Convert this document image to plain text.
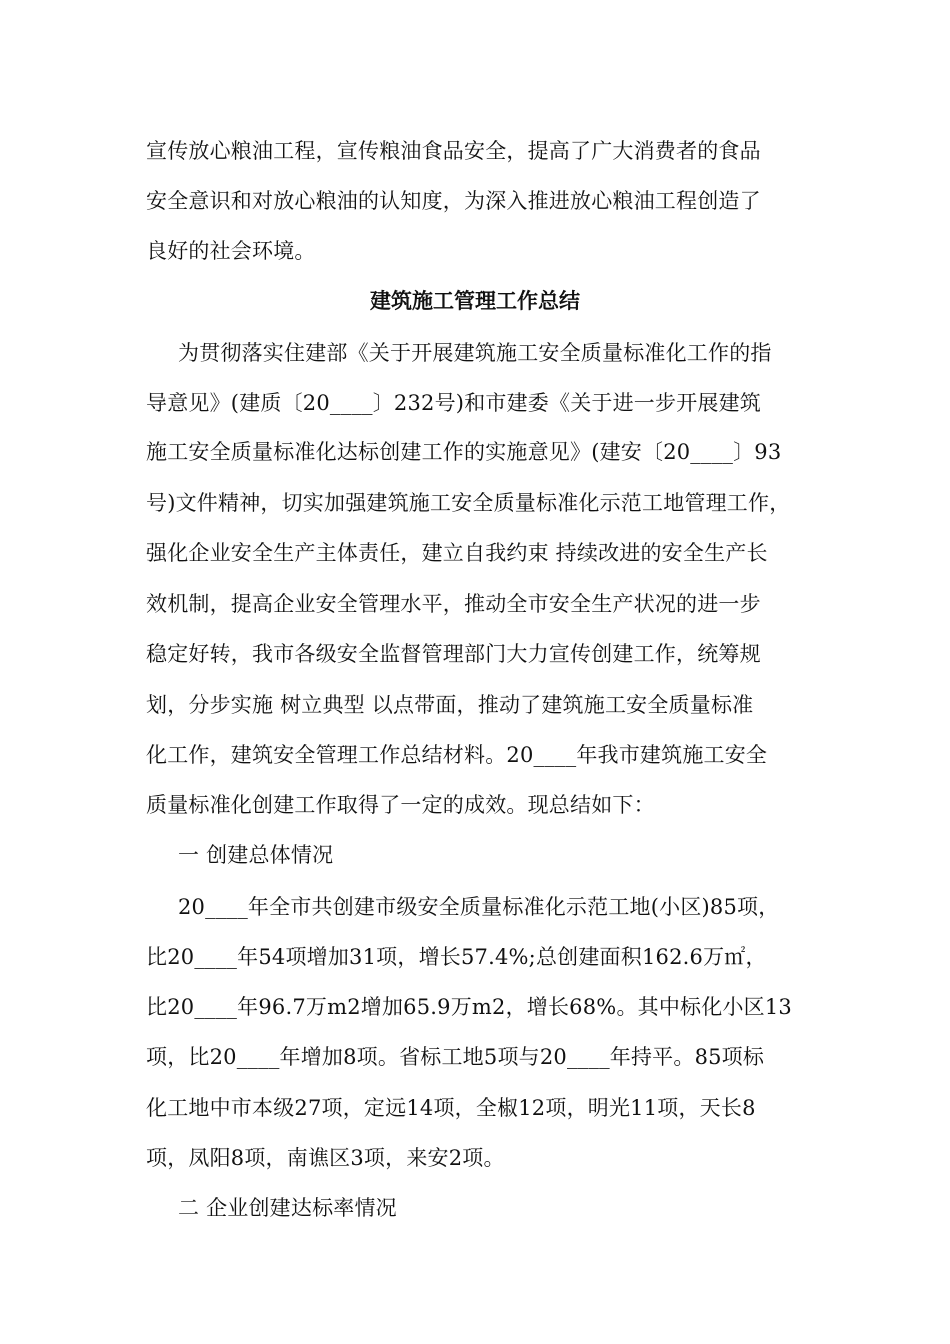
宣传放心粮油工程，宣传粮油食品安全，提高了广大消费者的食品
安全意识和对放心粮油的认知度，为深入推进放心粮油工程创造了
良好的社会环境。
建筑施工管理工作总结
为贯彻落实住建部《关于开展建筑施工安全质量标准化工作的指
导意见》(建质〔20____〕232号)和市建委《关于进一步开展建筑
施工安全质量标准化达标创建工作的实施意见》(建安〔20____〕93
号)文件精神，切实加强建筑施工安全质量标准化示范工地管理工作，
强化企业安全生产主体责任，建立自我约束 持续改进的安全生产长
效机制，提高企业安全管理水平，推动全市安全生产状况的进一步
稳定好转，我市各级安全监督管理部门大力宣传创建工作，统筹规
划，分步实施 树立典型 以点带面，推动了建筑施工安全质量标准
化工作，建筑安全管理工作总结材料。20____年我市建筑施工安全
质量标准化创建工作取得了一定的成效。现总结如下：
一 创建总体情况
20____年全市共创建市级安全质量标准化示范工地(小区)85项，
比20____年54项增加31项，增长57.4%;总创建面积162.6万㎡，
比20____年96.7万m2增加65.9万m2，增长68%。其中标化小区13
项，比20____年增加8项。省标工地5项与20____年持平。85项标
化工地中市本级27项，定远14项，全椒12项，明光11项，天长8
项，凤阳8项，南谯区3项，来安2项。
二 企业创建达标率情况
